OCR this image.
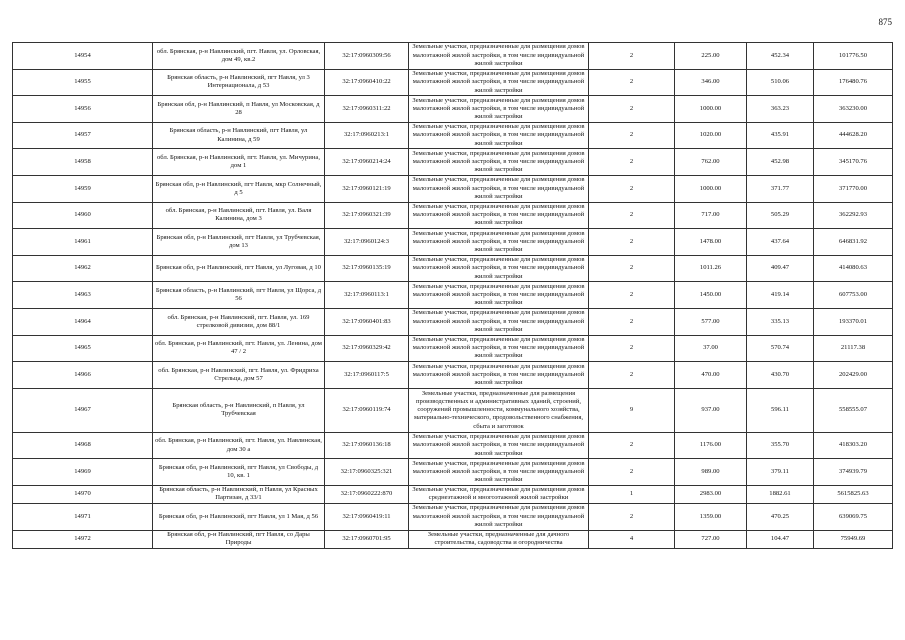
875
14954	обл. Брянская, р-н Навлинский, пгт. Навля, ул. Орловская, дом 49, кв.2	32:17:0960309:56	Земельные участки, предназначенные для размещения домов малоэтажной жилой застройки, в том числе индивидуальной жилой застройки	2	225.00	452.34	101776.50
14955	Брянская область, р-н Навлинский, пгт Навля, ул 3 Интернационала, д 53	32:17:0960410:22	Земельные участки, предназначенные для размещения домов малоэтажной жилой застройки, в том числе индивидуальной жилой застройки	2	346.00	510.06	176480.76
14956	Брянская обл, р-н Навлинский, п Навля, ул Московская, д 28	32:17:0960311:22	Земельные участки, предназначенные для размещения домов малоэтажной жилой застройки, в том числе индивидуальной жилой застройки	2	1000.00	363.23	363230.00
14957	Брянская область, р-н Навлинский, пгт Навля, ул Калинина, д 59	32:17:0960213:1	Земельные участки, предназначенные для размещения домов малоэтажной жилой застройки, в том числе индивидуальной жилой застройки	2	1020.00	435.91	444628.20
14958	обл. Брянская, р-н Навлинский, пгт. Навля, ул. Мичурина, дом 1	32:17:0960214:24	Земельные участки, предназначенные для размещения домов малоэтажной жилой застройки, в том числе индивидуальной жилой застройки	2	762.00	452.98	345170.76
14959	Брянская обл, р-н Навлинский, пгт Навля, мкр Солнечный, д 5	32:17:0960121:19	Земельные участки, предназначенные для размещения домов малоэтажной жилой застройки, в том числе индивидуальной жилой застройки	2	1000.00	371.77	371770.00
14960	обл. Брянская, р-н Навлинский, пгт. Навля, ул. Валя Калинина, дом 3	32:17:0960321:39	Земельные участки, предназначенные для размещения домов малоэтажной жилой застройки, в том числе индивидуальной жилой застройки	2	717.00	505.29	362292.93
14961	Брянская обл, р-н Навлинский, пгт Навля, ул Трубчевская, дом 13	32:17:0960124:3	Земельные участки, предназначенные для размещения домов малоэтажной жилой застройки, в том числе индивидуальной жилой застройки	2	1478.00	437.64	646831.92
14962	Брянская обл, р-н Навлинский, пгт Навля, ул Луговая, д 10	32:17:0960135:19	Земельные участки, предназначенные для размещения домов малоэтажной жилой застройки, в том числе индивидуальной жилой застройки	2	1011.26	409.47	414080.63
14963	Брянская область, р-н Навлинский, пгт Навля, ул Щорса, д 56	32:17:0960113:1	Земельные участки, предназначенные для размещения домов малоэтажной жилой застройки, в том числе индивидуальной жилой застройки	2	1450.00	419.14	607753.00
14964	обл. Брянская, р-н Навлинский, пгт. Навля, ул. 169 стрелковой дивизии, дом 88/1	32:17:0960401:83	Земельные участки, предназначенные для размещения домов малоэтажной жилой застройки, в том числе индивидуальной жилой застройки	2	577.00	335.13	193370.01
14965	обл. Брянская, р-н Навлинский, пгт. Навля, ул. Ленина, дом 47 / 2	32:17:0960329:42	Земельные участки, предназначенные для размещения домов малоэтажной жилой застройки, в том числе индивидуальной жилой застройки	2	37.00	570.74	21117.38
14966	обл. Брянская, р-н Навлинский, пгт. Навля, ул. Фридриха Стрельца, дом 57	32:17:0960117:5	Земельные участки, предназначенные для размещения домов малоэтажной жилой застройки, в том числе индивидуальной жилой застройки	2	470.00	430.70	202429.00
14967	Брянская область, р-н Навлинский, п Навля, ул Трубчевская	32:17:0960119:74	Земельные участки, предназначенные для размещения производственных и административных зданий, строений, сооружений промышленности, коммунального хозяйства, материально-технического, продовольственного снабжения, сбыта и заготовок	9	937.00	596.11	558555.07
14968	обл. Брянская, р-н Навлинский, пгт. Навля, ул. Навлинская, дом 30 а	32:17:0960136:18	Земельные участки, предназначенные для размещения домов малоэтажной жилой застройки, в том числе индивидуальной жилой застройки	2	1176.00	355.70	418303.20
14969	Брянская обл, р-н Навлинский, пгт Навля, ул Свободы, д 10, кв. 1	32:17:0960325:321	Земельные участки, предназначенные для размещения домов малоэтажной жилой застройки, в том числе индивидуальной жилой застройки	2	989.00	379.11	374939.79
14970	Брянская область, р-н Навлинский, п Навля, ул Красных Партизан, д 33/1	32:17:0960222:870	Земельные участки, предназначенные для размещения домов среднеэтажной и многоэтажной жилой застройки	1	2983.00	1882.61	5615825.63
14971	Брянская обл, р-н Навлинский, пгт Навля, ул 1 Мая, д 56	32:17:0960419:11	Земельные участки, предназначенные для размещения домов малоэтажной жилой застройки, в том числе индивидуальной жилой застройки	2	1359.00	470.25	639069.75
14972	Брянская обл, р-н Навлинский, пгт Навля, со Дары Природы	32:17:0960701:95	Земельные участки, предназначенные для дачного строительства, садоводства и огородничества	4	727.00	104.47	75949.69
